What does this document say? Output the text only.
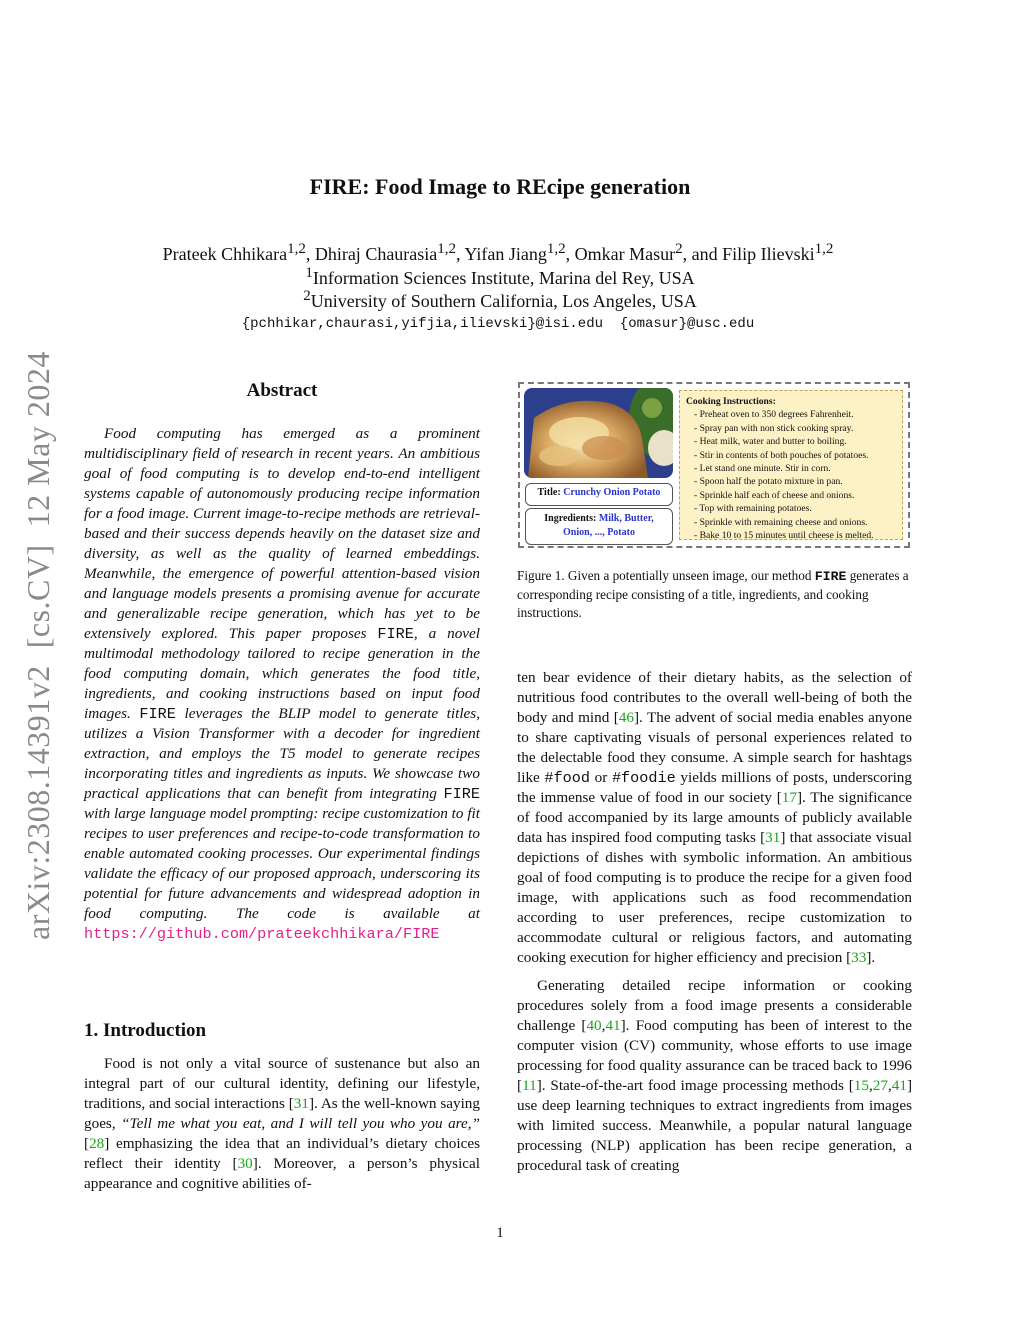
FIRE: Food Image to REcipe generation
Prateek Chhikara$^{1,2}$, Dhiraj Chaurasia$^{1,2}$, Yifan Jiang$^{1,2}$, Omkar Masur$^2$, and Filip Ilievski$^{1,2}$
$^1$Information Sciences Institute, Marina del Rey, USA
$^2$University of Southern California, Los Angeles, USA
{pchhikar,chaurasi,yifjia,ilievski}@isi.edu  {omasur}@usc.edu
arXiv:2308.14391v2  [cs.CV]  12 May 2024	Abstract

Food computing has emerged as a prominent multidisciplinary field of research in recent years. An ambitious goal of food computing is to develop end-to-end intelligent systems capable of autonomously producing recipe information for a food image. Current image-to-recipe methods are retrieval-based and their success depends heavily on the dataset size and diversity, as well as the quality of learned embeddings. Meanwhile, the emergence of powerful attention-based vision and language models presents a promising avenue for accurate and generalizable recipe generation, which has yet to be extensively explored. This paper proposes FIRE, a novel multimodal methodology tailored to recipe generation in the food computing domain, which generates the food title, ingredients, and cooking instructions based on input food images. FIRE leverages the BLIP model to generate titles, utilizes a Vision Transformer with a decoder for ingredient extraction, and employs the T5 model to generate recipes incorporating titles and ingredients as inputs. We showcase two practical applications that can benefit from integrating FIRE with large language model prompting: recipe customization to fit recipes to user preferences and recipe-to-code transformation to enable automated cooking processes. Our experimental findings validate the efficacy of our proposed approach, underscoring its potential for future advancements and widespread adoption in food computing. The code is available at https://github.com/prateekchhikara/FIRE

1. Introduction

Food is not only a vital source of sustenance but also an integral part of our cultural identity, defining our lifestyle, traditions, and social interactions [31]. As the well-known saying goes, “Tell me what you eat, and I will tell you who you are,” [28] emphasizing the idea that an individual’s dietary choices reflect their identity [30]. Moreover, a person’s physical appearance and cognitive abilities of-

Title: Crunchy Onion Potato
Ingredients: Milk, Butter,
Onion, ..., Potato
Cooking Instructions:
- Preheat oven to 350 degrees Fahrenheit.
- Spray pan with non stick cooking spray.
- Heat milk, water and butter to boiling.
- Stir in contents of both pouches of potatoes.
- Let stand one minute. Stir in corn.
- Spoon half the potato mixture in pan.
- Sprinkle half each of cheese and onions.
- Top with remaining potatoes.
- Sprinkle with remaining cheese and onions.
- Bake 10 to 15 minutes until cheese is melted.
Figure 1. Given a potentially unseen image, our method FIRE generates a corresponding recipe consisting of a title, ingredients, and cooking instructions.

ten bear evidence of their dietary habits, as the selection of nutritious food contributes to the overall well-being of both the body and mind [46]. The advent of social media enables anyone to share captivating visuals of personal experiences related to the delectable food they consume. A simple search for hashtags like #food or #foodie yields millions of posts, underscoring the immense value of food in our society [17]. The significance of food accompanied by its large amounts of publicly available data has inspired food computing tasks [31] that associate visual depictions of dishes with symbolic information. An ambitious goal of food computing is to produce the recipe for a given food image, with applications such as food recommendation according to user preferences, recipe customization to accommodate cultural or religious factors, and automating cooking execution for higher efficiency and precision [33].

Generating detailed recipe information or cooking procedures solely from a food image presents a considerable challenge [40,41]. Food computing has been of interest to the computer vision (CV) community, whose efforts to use image processing for food quality assurance can be traced back to 1996 [11]. State-of-the-art food image processing methods [15,27,41] use deep learning techniques to extract ingredients from images with limited success. Meanwhile, a popular natural language processing (NLP) application has been recipe generation, a procedural task of creating

1
